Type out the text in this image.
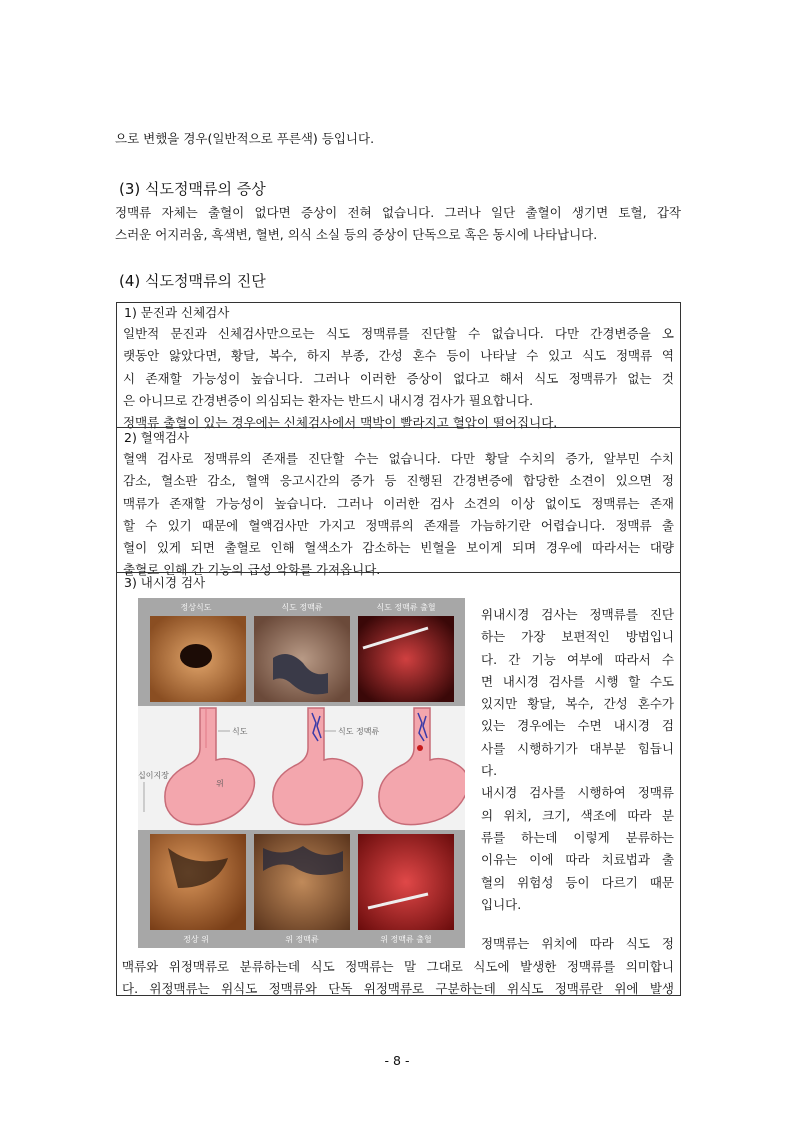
으로 변했을 경우(일반적으로 푸른색) 등입니다.
(3) 식도정맥류의 증상
정맥류 자체는 출혈이 없다면 증상이 전혀 없습니다. 그러나 일단 출혈이 생기면 토혈, 갑작
스러운 어지러움, 흑색변, 혈변, 의식 소실 등의 증상이 단독으로 혹은 동시에 나타납니다.
(4) 식도정맥류의 진단
1) 문진과 신체검사
일반적 문진과 신체검사만으로는 식도 정맥류를 진단할 수 없습니다. 다만 간경변증을 오
랫동안 앓았다면, 황달, 복수, 하지 부종, 간성 혼수 등이 나타날 수 있고 식도 정맥류 역
시 존재할 가능성이 높습니다. 그러나 이러한 증상이 없다고 해서 식도 정맥류가 없는 것
은 아니므로 간경변증이 의심되는 환자는 반드시 내시경 검사가 필요합니다.
정맥류 출혈이 있는 경우에는 신체검사에서 맥박이 빨라지고 혈압이 떨어집니다.
2) 혈액검사
혈액 검사로 정맥류의 존재를 진단할 수는 없습니다. 다만 황달 수치의 증가, 알부민 수치
감소, 혈소판 감소, 혈액 응고시간의 증가 등 진행된 간경변증에 합당한 소견이 있으면 정
맥류가 존재할 가능성이 높습니다. 그러나 이러한 검사 소견의 이상 없이도 정맥류는 존재
할 수 있기 때문에 혈액검사만 가지고 정맥류의 존재를 가늠하기란 어렵습니다. 정맥류 출
혈이 있게 되면 출혈로 인해 혈색소가 감소하는 빈혈을 보이게 되며 경우에 따라서는 대량
출혈로 인해 간 기능의 급성 악화를 가져옵니다.
3) 내시경 검사
정상식도	식도 정맥류	식도 정맥류 출혈
식도	식도 정맥류
위
십이지장
정상 위	위 정맥류	위 정맥류 출혈
위내시경 검사는 정맥류를 진단
하는 가장 보편적인 방법입니
다. 간 기능 여부에 따라서 수
면 내시경 검사를 시행 할 수도
있지만 황달, 복수, 간성 혼수가
있는 경우에는 수면 내시경 검
사를 시행하기가 대부분 힘듭니
다.
내시경 검사를 시행하여 정맥류
의 위치, 크기, 색조에 따라 분
류를 하는데 이렇게 분류하는
이유는 이에 따라 치료법과 출
혈의 위험성 등이 다르기 때문
입니다.
정맥류는 위치에 따라 식도 정
맥류와 위정맥류로 분류하는데 식도 정맥류는 말 그대로 식도에 발생한 정맥류를 의미합니
다. 위정맥류는 위식도 정맥류와 단독 위정맥류로 구분하는데 위식도 정맥류란 위에 발생
- 8 -
